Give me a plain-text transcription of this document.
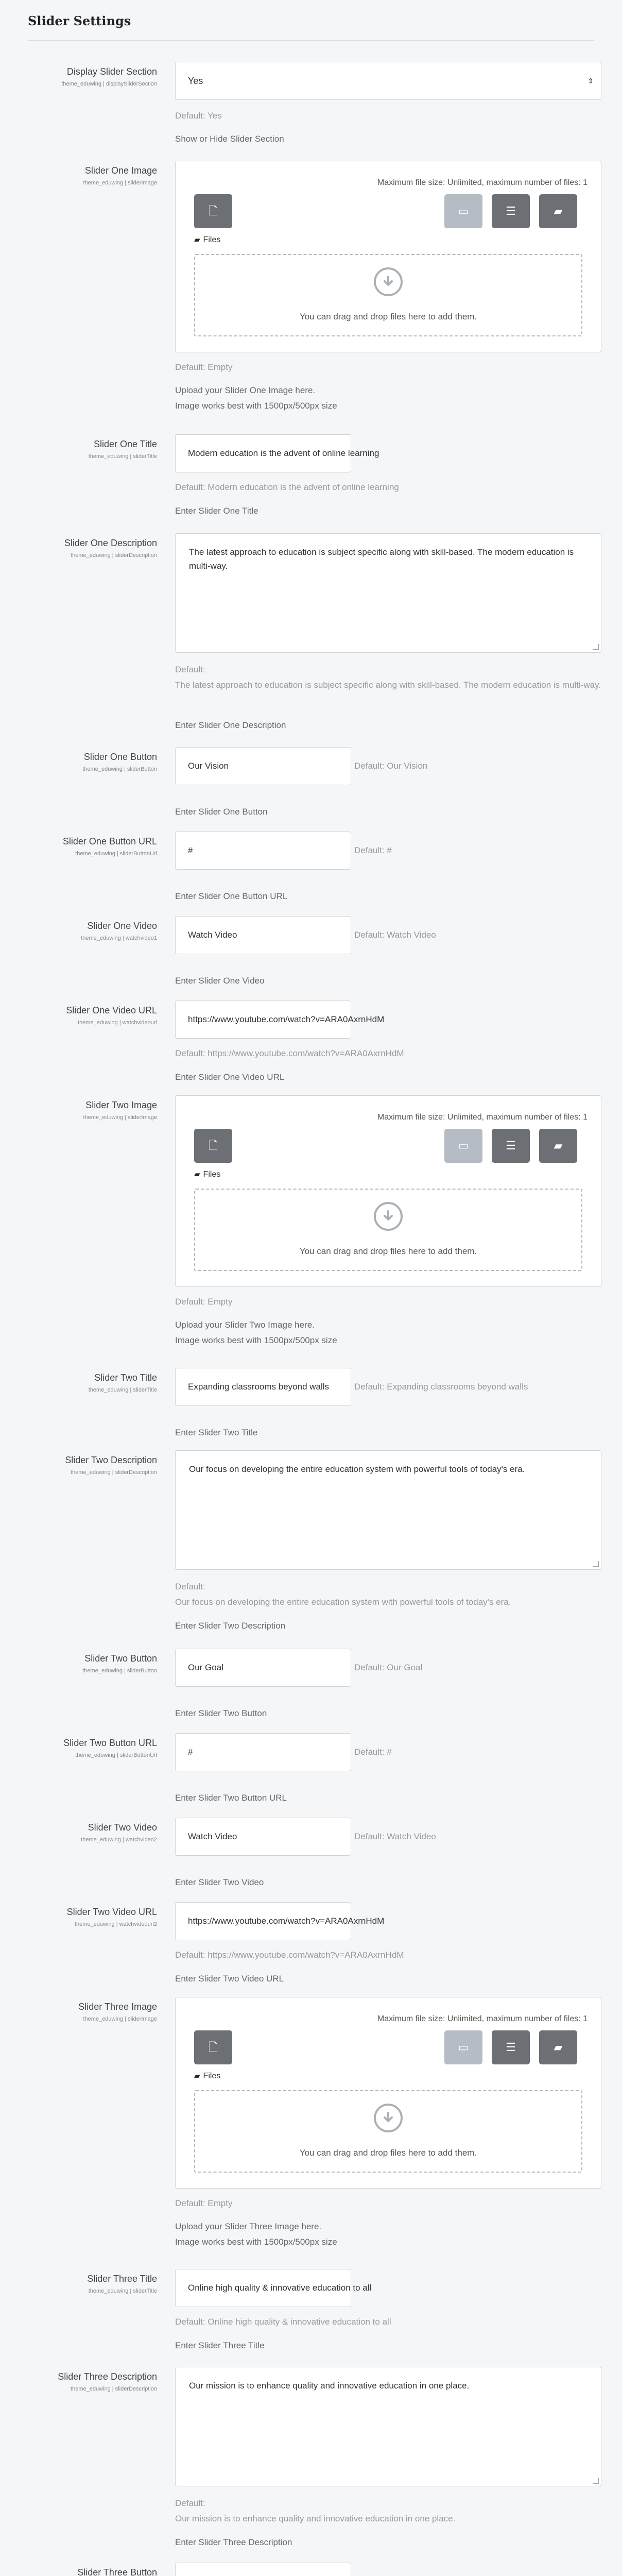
Slider Settings
Display Slider Section
theme_eduwing | displaySliderSection	Yes	⇕
Default: Yes
Show or Hide Slider Section
Slider One Image
theme_eduwing | sliderImage	Maximum file size: Unlimited, maximum number of files: 1
🗋	▭	☰	▰
▰ Files
You can drag and drop files here to add them.
Default: Empty
Upload your Slider One Image here.
Image works best with 1500px/500px size
Slider One Title
theme_eduwing | sliderTitle	Modern education is the advent of online learning
Default: Modern education is the advent of online learning
Enter Slider One Title
Slider One Description
theme_eduwing | sliderDescription	The latest approach to education is subject specific along with skill-based. The modern education is multi-way.
Default:
The latest approach to education is subject specific along with skill-based. The modern education is multi-way.
Enter Slider One Description
Slider One Button
theme_eduwing | sliderButton	Our Vision	Default: Our Vision
Enter Slider One Button
Slider One Button URL
theme_eduwing | sliderButtonUrl	#	Default: #
Enter Slider One Button URL
Slider One Video
theme_eduwing | watchvideo1	Watch Video	Default: Watch Video
Enter Slider One Video
Slider One Video URL
theme_eduwing | watchvideourl	https://www.youtube.com/watch?v=ARA0AxrnHdM
Default: https://www.youtube.com/watch?v=ARA0AxrnHdM
Enter Slider One Video URL
Slider Two Image
theme_eduwing | sliderImage	Maximum file size: Unlimited, maximum number of files: 1
🗋	▭	☰	▰
▰ Files
You can drag and drop files here to add them.
Default: Empty
Upload your Slider Two Image here.
Image works best with 1500px/500px size
Slider Two Title
theme_eduwing | sliderTitle	Expanding classrooms beyond walls	Default: Expanding classrooms beyond walls
Enter Slider Two Title
Slider Two Description
theme_eduwing | sliderDescription	Our focus on developing the entire education system with powerful tools of today's era.
Default:
Our focus on developing the entire education system with powerful tools of today's era.
Enter Slider Two Description
Slider Two Button
theme_eduwing | sliderButton	Our Goal	Default: Our Goal
Enter Slider Two Button
Slider Two Button URL
theme_eduwing | sliderButtonUrl	#	Default: #
Enter Slider Two Button URL
Slider Two Video
theme_eduwing | watchvideo2	Watch Video	Default: Watch Video
Enter Slider Two Video
Slider Two Video URL
theme_eduwing | watchvideourl2	https://www.youtube.com/watch?v=ARA0AxrnHdM
Default: https://www.youtube.com/watch?v=ARA0AxrnHdM
Enter Slider Two Video URL
Slider Three Image
theme_eduwing | sliderImage	Maximum file size: Unlimited, maximum number of files: 1
🗋	▭	☰	▰
▰ Files
You can drag and drop files here to add them.
Default: Empty
Upload your Slider Three Image here.
Image works best with 1500px/500px size
Slider Three Title
theme_eduwing | sliderTitle	Online high quality & innovative education to all
Default: Online high quality & innovative education to all
Enter Slider Three Title
Slider Three Description
theme_eduwing | sliderDescription	Our mission is to enhance quality and innovative education in one place.
Default:
Our mission is to enhance quality and innovative education in one place.
Enter Slider Three Description
Slider Three Button
